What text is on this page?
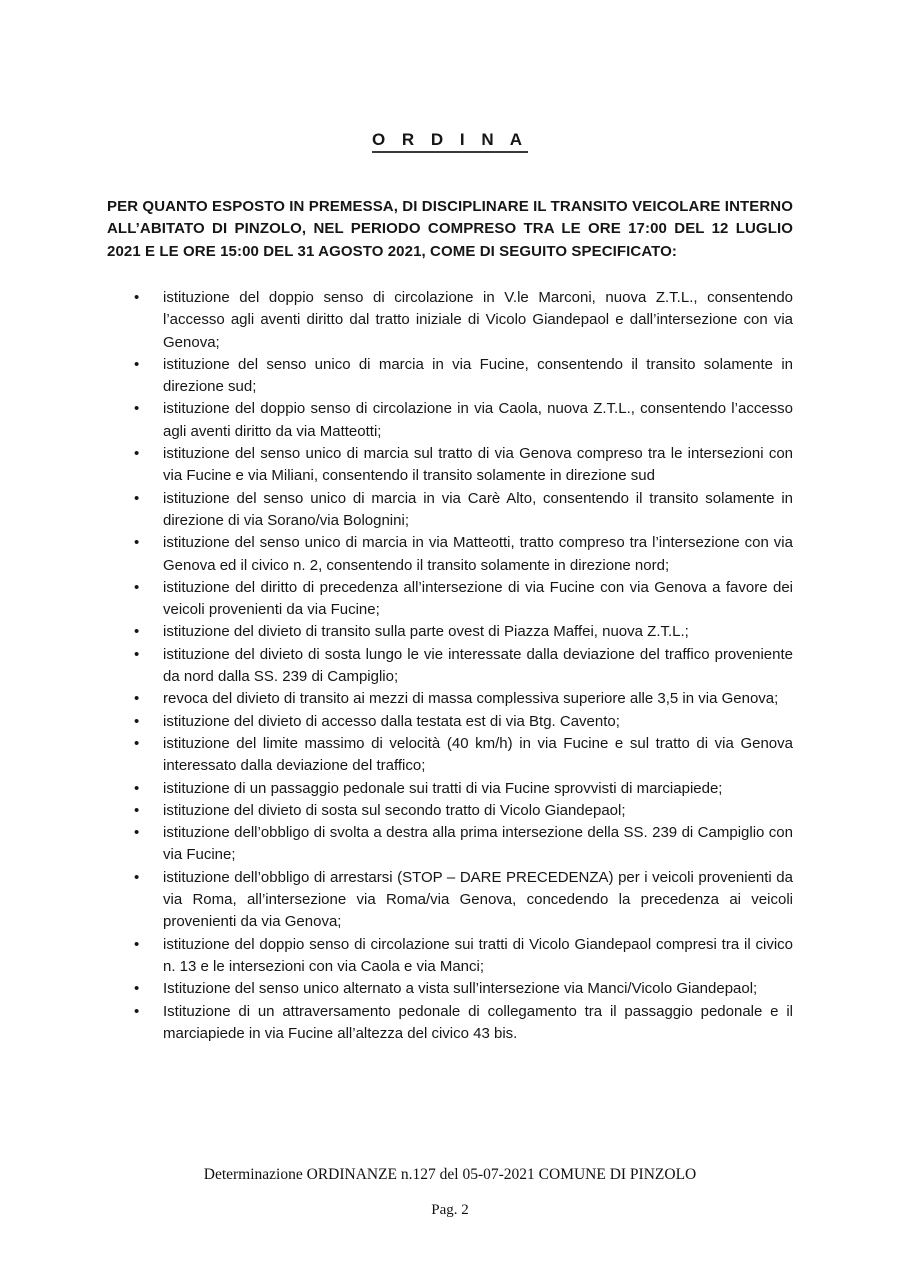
O R D I N A

PER QUANTO ESPOSTO IN PREMESSA, DI DISCIPLINARE IL TRANSITO VEICOLARE INTERNO ALL’ABITATO DI PINZOLO, NEL PERIODO COMPRESO TRA LE ORE 17:00 DEL 12 LUGLIO 2021 E LE ORE 15:00 DEL 31 AGOSTO 2021, COME DI SEGUITO SPECIFICATO:

• istituzione del doppio senso di circolazione in V.le Marconi, nuova Z.T.L., consentendo l’accesso agli aventi diritto dal tratto iniziale di Vicolo Giandepaol e dall’intersezione con via Genova;
• istituzione del senso unico di marcia in via Fucine, consentendo il transito solamente in direzione sud;
• istituzione del doppio senso di circolazione in via Caola, nuova Z.T.L., consentendo l’accesso agli aventi diritto da via Matteotti;
• istituzione del senso unico di marcia sul tratto di via Genova compreso tra le intersezioni con via Fucine e via Miliani, consentendo il transito solamente in direzione sud
• istituzione del senso unico di marcia in via Carè Alto, consentendo il transito solamente in direzione di via Sorano/via Bolognini;
• istituzione del senso unico di marcia in via Matteotti, tratto compreso tra l’intersezione con via Genova ed il civico n. 2, consentendo il transito solamente in direzione nord;
• istituzione del diritto di precedenza all’intersezione di via Fucine con via Genova a favore dei veicoli provenienti da via Fucine;
• istituzione del divieto di transito sulla parte ovest di Piazza Maffei, nuova Z.T.L.;
• istituzione del divieto di sosta lungo le vie interessate dalla deviazione del traffico proveniente da nord dalla SS. 239 di Campiglio;
• revoca del divieto di transito ai mezzi di massa complessiva superiore alle 3,5 in via Genova;
• istituzione del divieto di accesso dalla testata est di via Btg. Cavento;
• istituzione del limite massimo di velocità (40 km/h) in via Fucine e sul tratto di via Genova interessato dalla deviazione del traffico;
• istituzione di un passaggio pedonale sui tratti di via Fucine sprovvisti di marciapiede;
• istituzione del divieto di sosta sul secondo tratto di Vicolo Giandepaol;
• istituzione dell’obbligo di svolta a destra alla prima intersezione della SS. 239 di Campiglio con via Fucine;
• istituzione dell’obbligo di arrestarsi (STOP – DARE PRECEDENZA) per i veicoli provenienti da via Roma, all’intersezione via Roma/via Genova, concedendo la precedenza ai veicoli provenienti da via Genova;
• istituzione del doppio senso di circolazione sui tratti di Vicolo Giandepaol compresi tra il civico n. 13 e le intersezioni con via Caola e via Manci;
• Istituzione del senso unico alternato a vista sull’intersezione via Manci/Vicolo Giandepaol;
• Istituzione di un attraversamento pedonale di collegamento tra il passaggio pedonale e il marciapiede in via Fucine all’altezza del civico 43 bis.
Determinazione ORDINANZE n.127 del 05-07-2021 COMUNE DI PINZOLO
Pag. 2
